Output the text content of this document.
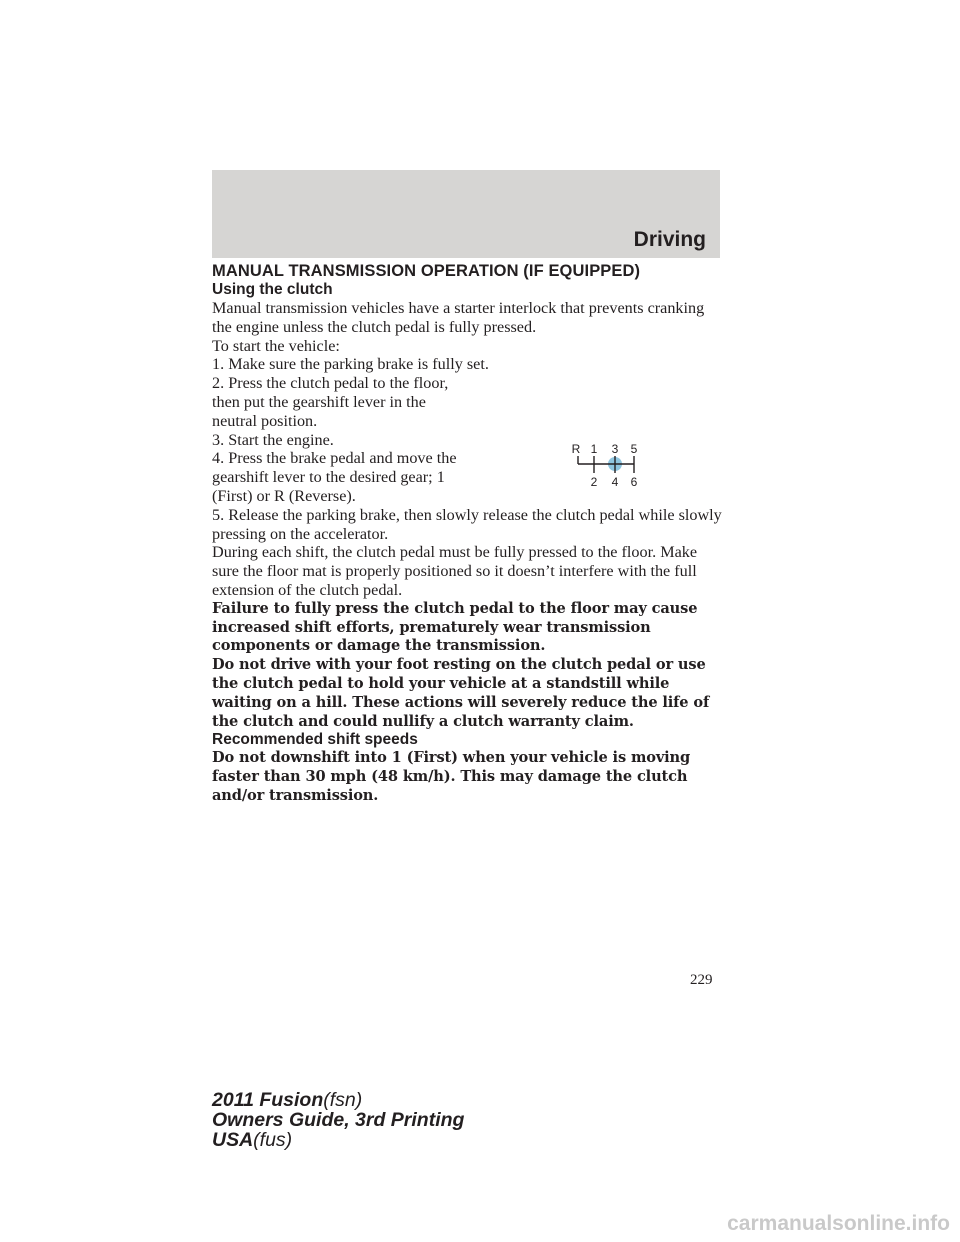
Driving

MANUAL TRANSMISSION OPERATION (IF EQUIPPED)

Using the clutch

Manual transmission vehicles have a starter interlock that prevents cranking the engine unless the clutch pedal is fully pressed.

To start the vehicle:

1. Make sure the parking brake is fully set.

2. Press the clutch pedal to the floor, then put the gearshift lever in the neutral position.

3. Start the engine.

4. Press the brake pedal and move the gearshift lever to the desired gear; 1 (First) or R (Reverse).

5. Release the parking brake, then slowly release the clutch pedal while slowly pressing on the accelerator.

During each shift, the clutch pedal must be fully pressed to the floor. Make sure the floor mat is properly positioned so it doesn’t interfere with the full extension of the clutch pedal.

Failure to fully press the clutch pedal to the floor may cause increased shift efforts, prematurely wear transmission components or damage the transmission.

Do not drive with your foot resting on the clutch pedal or use the clutch pedal to hold your vehicle at a standstill while waiting on a hill. These actions will severely reduce the life of the clutch and could nullify a clutch warranty claim.

Recommended shift speeds

Do not downshift into 1 (First) when your vehicle is moving faster than 30 mph (48 km/h). This may damage the clutch and/or transmission.

R 1 3 5
2 4 6
229
2011 Fusion(fsn)
Owners Guide, 3rd Printing
USA(fus)
carmanualsonline.info
